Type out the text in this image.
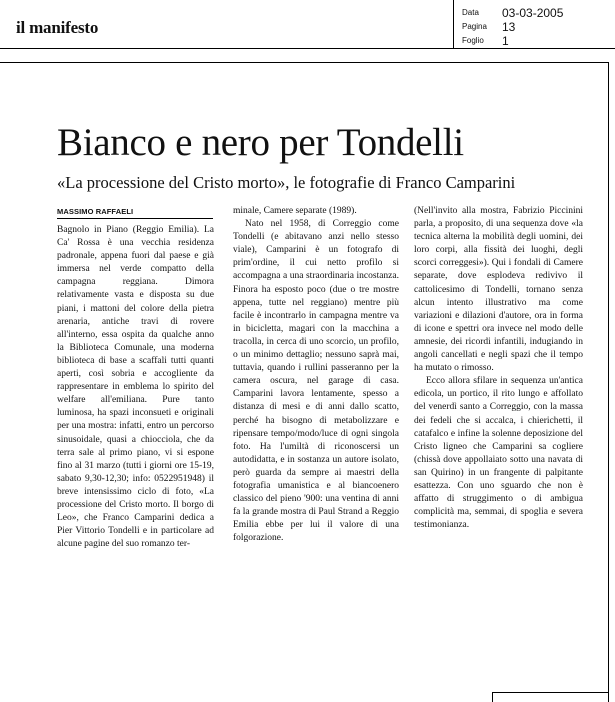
il manifesto
Data 03-03-2005
Pagina 13
Foglio 1
Bianco e nero per Tondelli
«La processione del Cristo morto», le fotografie di Franco Camparini
MASSIMO RAFFAELI

Bagnolo in Piano (Reggio Emilia). La Ca' Rossa è una vecchia residenza padronale, appena fuori dal paese e già immersa nel verde compatto della campagna reggiana. Dimora relativamente vasta e disposta su due piani, i mattoni del colore della pietra arenaria, antiche travi di rovere all'interno, essa ospita da qualche anno la Biblioteca Comunale, una moderna biblioteca di base a scaffali tutti quanti aperti, così sobria e accogliente da rappresentare in emblema lo spirito del welfare all'emiliana. Pure tanto luminosa, ha spazi inconsueti e originali per una mostra: infatti, entro un percorso sinusoidale, quasi a chiocciola, che da terra sale al primo piano, vi si espone fino al 31 marzo (tutti i giorni ore 15-19, sabato 9,30-12,30; info: 0522951948) il breve intensissimo ciclo di foto, «La processione del Cristo morto. Il borgo di Leo», che Franco Camparini dedica a Pier Vittorio Tondelli e in particolare ad alcune pagine del suo romanzo ter-

minale, Camere separate (1989).

Nato nel 1958, di Correggio come Tondelli (e abitavano anzi nello stesso viale), Camparini è un fotografo di prim'ordine, il cui netto profilo si accompagna a una straordinaria incostanza. Finora ha esposto poco (due o tre mostre appena, tutte nel reggiano) mentre più facile è incontrarlo in campagna mentre va in bicicletta, magari con la macchina a tracolla, in cerca di uno scorcio, un profilo, o un minimo dettaglio; nessuno saprà mai, tuttavia, quando i rullini passeranno per la camera oscura, nel garage di casa. Camparini lavora lentamente, spesso a distanza di mesi e di anni dallo scatto, perché ha bisogno di metabolizzare e ripensare tempo/modo/luce di ogni singola foto. Ha l'umiltà di riconoscersi un autodidatta, e in sostanza un autore isolato, però guarda da sempre ai maestri della fotografia umanistica e al biancoenero classico del pieno '900: una ventina di anni fa la grande mostra di Paul Strand a Reggio Emilia ebbe per lui il valore di una folgorazione.

(Nell'invito alla mostra, Fabrizio Piccinini parla, a proposito, di una sequenza dove «la tecnica alterna la mobilità degli uomini, dei loro corpi, alla fissità dei luoghi, degli scorci correggesi»). Qui i fondali di Camere separate, dove esplodeva redivivo il cattolicesimo di Tondelli, tornano senza alcun intento illustrativo ma come variazioni e dilazioni d'autore, ora in forma di icone e spettri ora invece nel modo delle amnesie, dei ricordi infantili, indugiando in angoli cancellati e negli spazi che il tempo ha mutato o rimosso.

Ecco allora sfilare in sequenza un'antica edicola, un portico, il rito lungo e affollato del venerdì santo a Correggio, con la massa dei fedeli che si accalca, i chierichetti, il catafalco e infine la solenne deposizione del Cristo ligneo che Camparini sa cogliere (chissà dove appollaiato sotto una navata di san Quirino) in un frangente di palpitante esattezza. Con uno sguardo che non è affatto di struggimento o di ambigua complicità ma, semmai, di spoglia e severa testimonianza.
